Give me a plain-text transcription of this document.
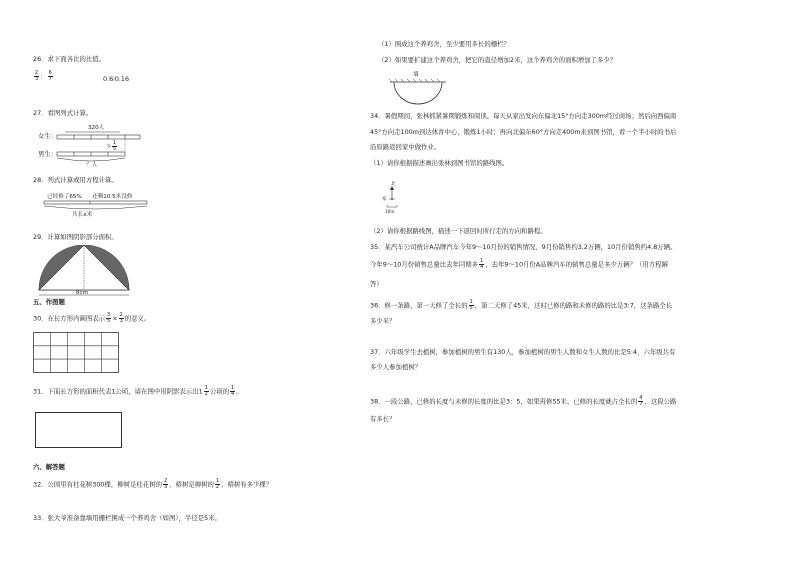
26．求下面各比的比值。
$\frac{2}{3}$ ： $\frac{6}{7}$	0.6∶0.16
27．看图列式计算。
女生：
男生：
320人
少 $\frac{1}{5}$
？人
28．列式计算或用方程计算。
已经修了65% 还剩10.5米没修
共长x米
29．计算如图阴影部分面积。
8cm
五、作图题
30．在长方形内画图表示 $\frac{3}{5} \times \frac{2}{3}$ 的意义。
31．下面长方形的面积代表1公顷，请在图中用阴影表示出$1 \frac{1}{2}$ 公顷的 $\frac{1}{4}$ 。
六、解答题
32．公园里有桂花树300棵，柳树是桂花树的 $\frac{2}{3}$ ，梧树是柳树的 $\frac{1}{2}$ ，梧树有多少棵？
33．张大爷准备靠墙用栅栏围成一个养鸡舍（如图），半径是5米。
（1）围成这个养鸡舍，至少要用多长的栅栏？
（2）如果要扩建这个养鸡舍，把它的直径增加2米，这个养鸡舍的面积增加了多少？
墙
34．暑假期间，张林抓紧暑期锻炼和阅读。每天从家出发向东偏北15°方向走300m经过商场；然后向西偏南
45°方向走100m到达体育中心，锻炼1小时；再向北偏东60°方向走400m来到图书馆，看一个半小时的书后
沿原路返回家中做作业。
（1）请你根据描述画出张林到图书馆的路线图。
北
家
10m
（2）请你根据路线图，描述一下返回时所行走的方向和路程。
35．某汽车公司统计A品牌汽车今年9～10月份的销售情况，9月份销售约3.2万辆，10月份销售约4.8万辆。
今年9～10月份销售总量比去年同期多 $\frac{1}{4}$ ，去年9～10月份A品牌汽车的销售总量是多少万辆？（用方程解
答）
36．修一条路，第一天修了全长的 $\frac{1}{5}$ ，第二天修了45米，这时已修的路和未修的路的比是3:7，这条路全长
多少米？
37．六年级学生去植树，参加植树的男生有130人，参加植树的男生人数和女生人数的比是5:4，六年级共有
多少人参加植树？
38．一段公路，已修的长度与未修的长度的比是3：5，如果再修55米，已修的长度就占全长的 $\frac{4}{7}$ ，这段公路
有多长？
